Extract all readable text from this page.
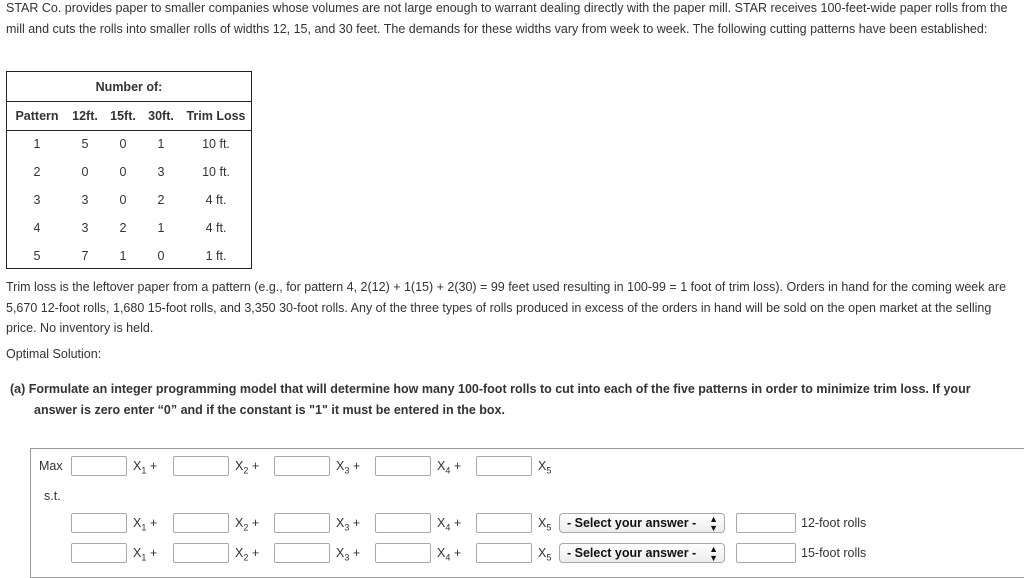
STAR Co. provides paper to smaller companies whose volumes are not large enough to warrant dealing directly with the paper mill. STAR receives 100-feet-wide paper rolls from the mill and cuts the rolls into smaller rolls of widths 12, 15, and 30 feet. The demands for these widths vary from week to week. The following cutting patterns have been established:

Number of:
Pattern	12ft. 15ft. 30ft.	Trim Loss
1	5	0	1	10 ft.
2	0	0	3	10 ft.
3	3	0	2	4 ft.
4	3	2	1	4 ft.
5	7	1	0	1 ft.

Trim loss is the leftover paper from a pattern (e.g., for pattern 4, 2(12) + 1(15) + 2(30) = 99 feet used resulting in 100-99 = 1 foot of trim loss). Orders in hand for the coming week are 5,670 12-foot rolls, 1,680 15-foot rolls, and 3,350 30-foot rolls. Any of the three types of rolls produced in excess of the orders in hand will be sold on the open market at the selling price. No inventory is held.

Optimal Solution:

(a) Formulate an integer programming model that will determine how many 100-foot rolls to cut into each of the five patterns in order to minimize trim loss. If your
answer is zero enter “0” and if the constant is "1" it must be entered in the box.

Max	$X_1$ +	$X_2$ +	$X_3$ +	$X_4$ +	$X_5$
s.t.
$X_1$ +	$X_2$ +	$X_3$ +	$X_4$ +	$X_5$	- Select your answer - ▲
▼	12-foot rolls
$X_1$ +	$X_2$ +	$X_3$ +	$X_4$ +	$X_5$	- Select your answer - ▲
▼	15-foot rolls
